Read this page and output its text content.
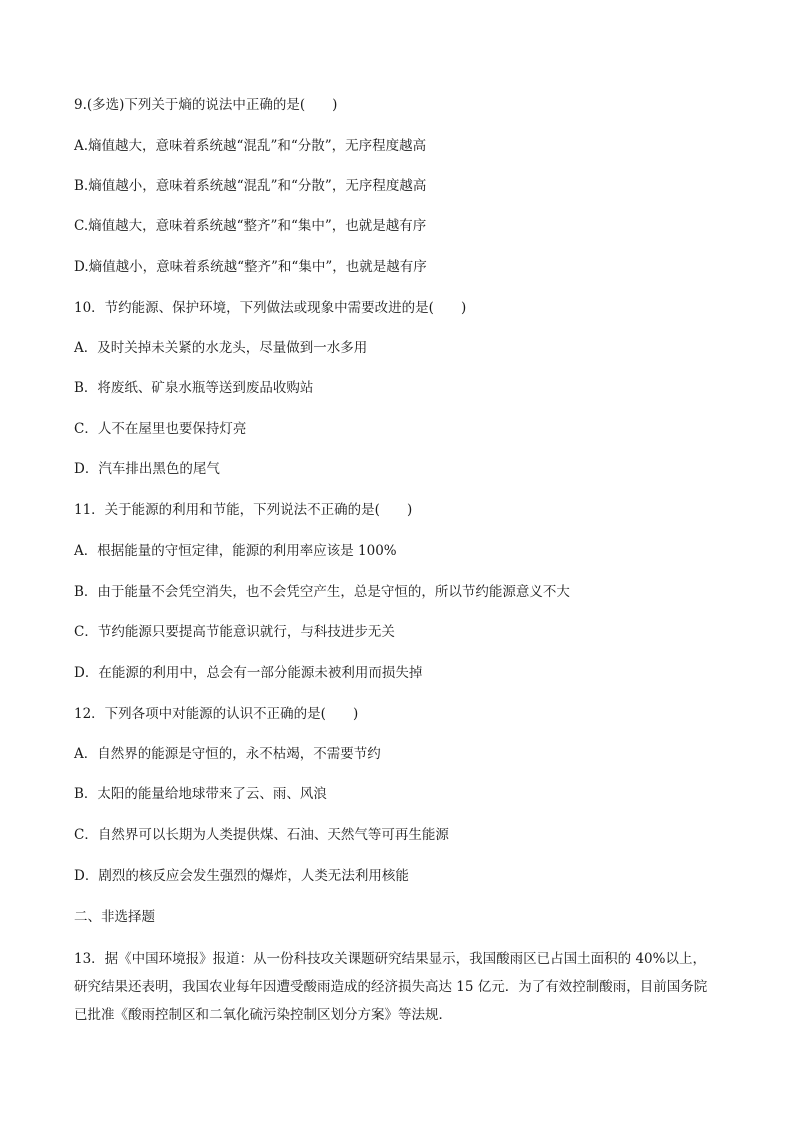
9.(多选)下列关于熵的说法中正确的是(　　)
A.熵值越大，意味着系统越“混乱”和“分散”，无序程度越高
B.熵值越小，意味着系统越“混乱”和“分散”，无序程度越高
C.熵值越大，意味着系统越“整齐”和“集中”，也就是越有序
D.熵值越小，意味着系统越“整齐”和“集中”，也就是越有序
10．节约能源、保护环境，下列做法或现象中需要改进的是(　　)
A．及时关掉未关紧的水龙头，尽量做到一水多用
B．将废纸、矿泉水瓶等送到废品收购站
C．人不在屋里也要保持灯亮
D．汽车排出黑色的尾气
11．关于能源的利用和节能，下列说法不正确的是(　　)
A．根据能量的守恒定律，能源的利用率应该是 100%
B．由于能量不会凭空消失，也不会凭空产生，总是守恒的，所以节约能源意义不大
C．节约能源只要提高节能意识就行，与科技进步无关
D．在能源的利用中，总会有一部分能源未被利用而损失掉
12．下列各项中对能源的认识不正确的是(　　)
A．自然界的能源是守恒的，永不枯竭，不需要节约
B．太阳的能量给地球带来了云、雨、风浪
C．自然界可以长期为人类提供煤、石油、天然气等可再生能源
D．剧烈的核反应会发生强烈的爆炸，人类无法利用核能
二、非选择题
13．据《中国环境报》报道：从一份科技攻关课题研究结果显示，我国酸雨区已占国土面积的 40%以上，
研究结果还表明，我国农业每年因遭受酸雨造成的经济损失高达 15 亿元．为了有效控制酸雨，目前国务院
已批准《酸雨控制区和二氧化硫污染控制区划分方案》等法规．
